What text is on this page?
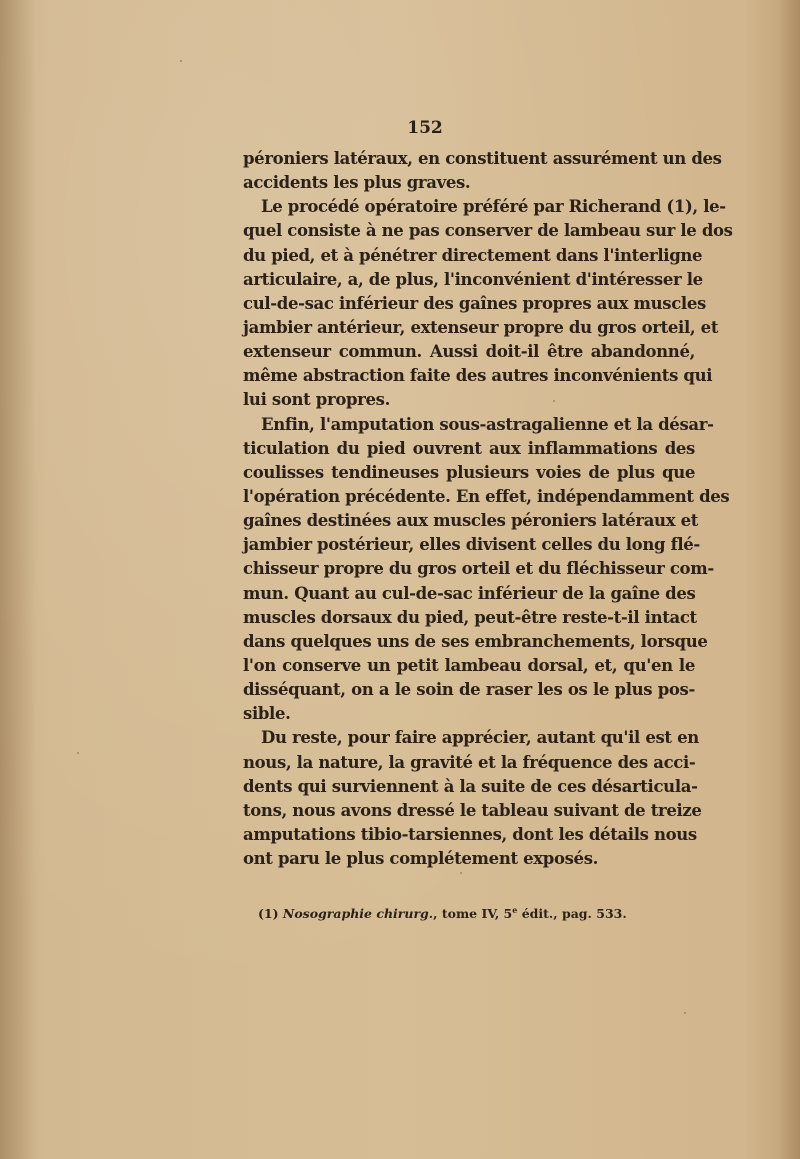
152
péroniers latéraux, en constituent assurément un des
accidents les plus graves.
Le procédé opératoire préféré par Richerand (1), le-
quel consiste à ne pas conserver de lambeau sur le dos
du pied, et à pénétrer directement dans l'interligne
articulaire, a, de plus, l'inconvénient d'intéresser le
cul-de-sac inférieur des gaînes propres aux muscles
jambier antérieur, extenseur propre du gros orteil, et
extenseur commun. Aussi doit-il être abandonné,
même abstraction faite des autres inconvénients qui
lui sont propres.
Enfin, l'amputation sous-astragalienne et la désar-
ticulation du pied ouvrent aux inflammations des
coulisses tendineuses plusieurs voies de plus que
l'opération précédente. En effet, indépendamment des
gaînes destinées aux muscles péroniers latéraux et
jambier postérieur, elles divisent celles du long flé-
chisseur propre du gros orteil et du fléchisseur com-
mun. Quant au cul-de-sac inférieur de la gaîne des
muscles dorsaux du pied, peut-être reste-t-il intact
dans quelques uns de ses embranchements, lorsque
l'on conserve un petit lambeau dorsal, et, qu'en le
disséquant, on a le soin de raser les os le plus pos-
sible.
Du reste, pour faire apprécier, autant qu'il est en
nous, la nature, la gravité et la fréquence des acci-
dents qui surviennent à la suite de ces désarticula-
tons, nous avons dressé le tableau suivant de treize
amputations tibio-tarsiennes, dont les détails nous
ont paru le plus complétement exposés.
(1) Nosographie chirurg., tome IV, 5e édit., pag. 533.
